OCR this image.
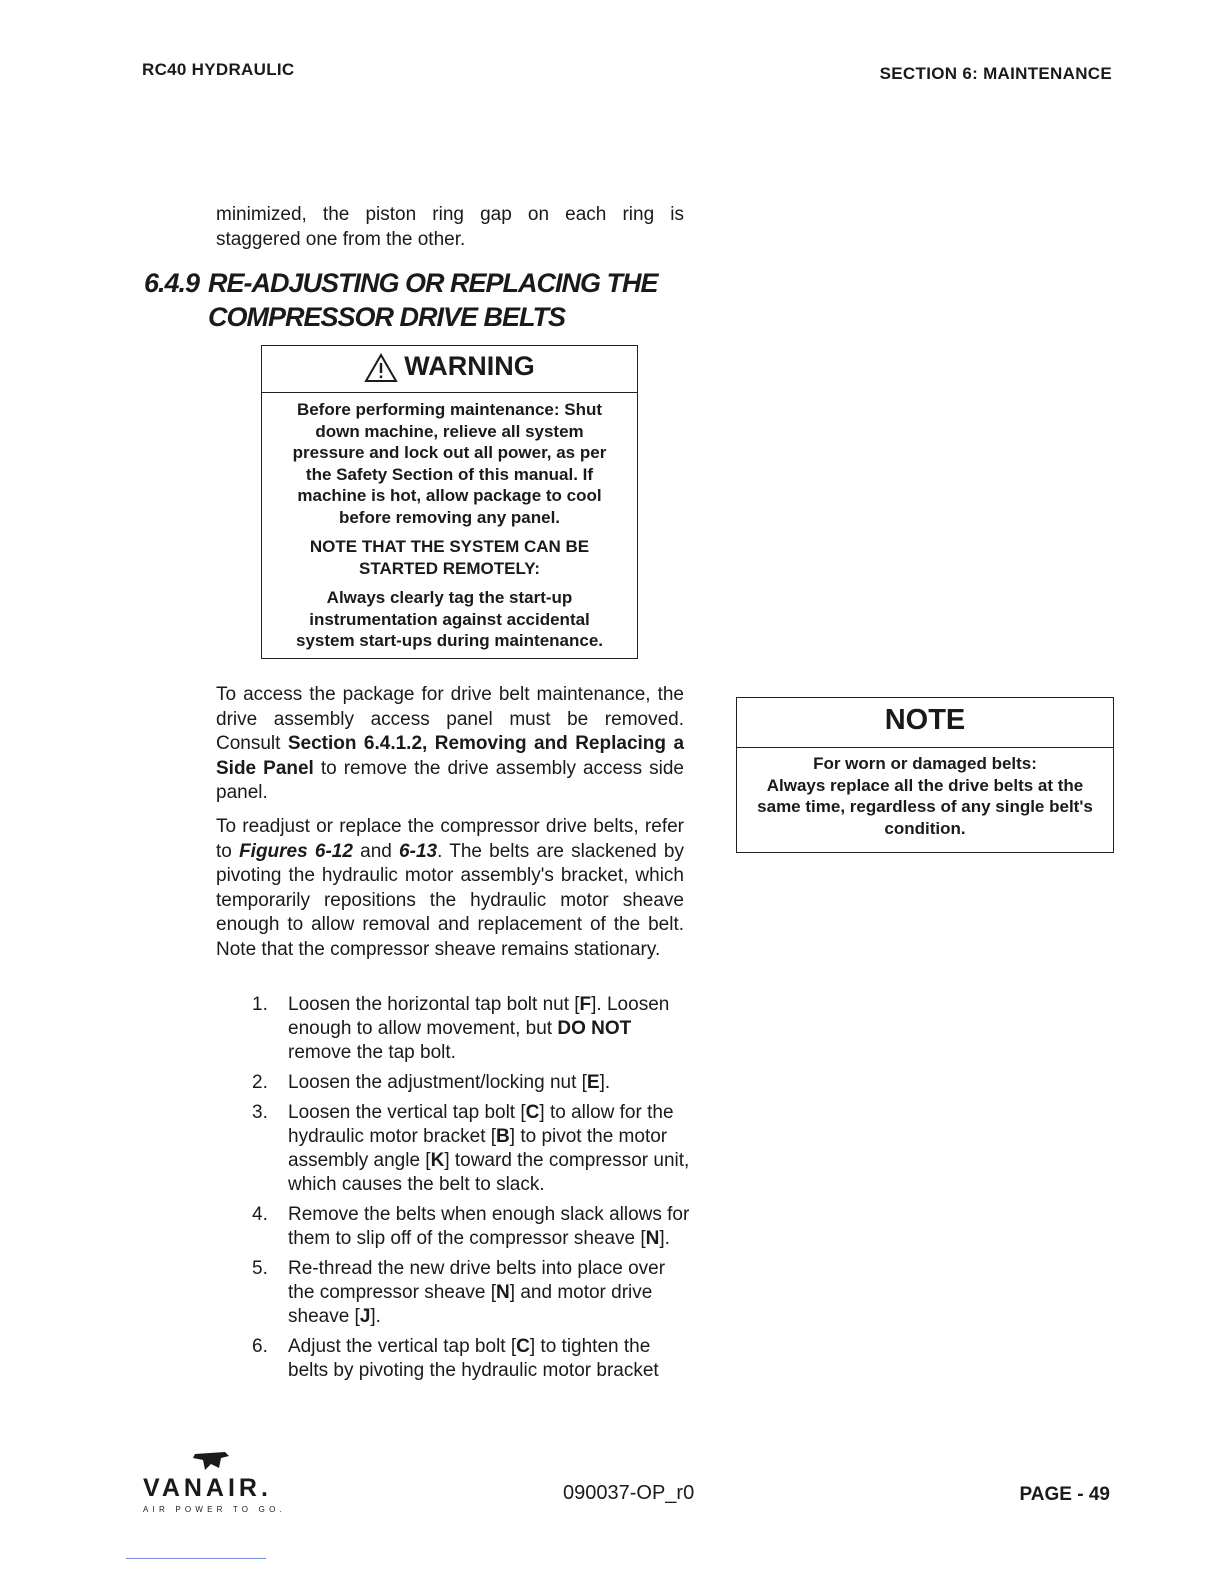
RC40 HYDRAULIC	SECTION 6: MAINTENANCE
minimized, the piston ring gap on each ring is staggered one from the other.
6.4.9 RE-ADJUSTING OR REPLACING THE
COMPRESSOR DRIVE BELTS
WARNING

Before performing maintenance: Shut down machine, relieve all system pressure and lock out all power, as per the Safety Section of this manual. If machine is hot, allow package to cool before removing any panel.

NOTE THAT THE SYSTEM CAN BE STARTED REMOTELY:

Always clearly tag the start-up instrumentation against accidental system start-ups during maintenance.

To access the package for drive belt maintenance, the drive assembly access panel must be removed. Consult Section 6.4.1.2, Removing and Replacing a Side Panel to remove the drive assembly access side panel.
To readjust or replace the compressor drive belts, refer to Figures 6-12 and 6-13. The belts are slackened by pivoting the hydraulic motor assembly's bracket, which temporarily repositions the hydraulic motor sheave enough to allow removal and replacement of the belt. Note that the compressor sheave remains stationary.
NOTE
For worn or damaged belts:
Always replace all the drive belts at the same time, regardless of any single belt's condition.
1. Loosen the horizontal tap bolt nut [F]. Loosen enough to allow movement, but DO NOT remove the tap bolt.
2. Loosen the adjustment/locking nut [E].
3. Loosen the vertical tap bolt [C] to allow for the hydraulic motor bracket [B] to pivot the motor assembly angle [K] toward the compressor unit, which causes the belt to slack.
4. Remove the belts when enough slack allows for them to slip off of the compressor sheave [N].
5. Re-thread the new drive belts into place over the compressor sheave [N] and motor drive sheave [J].
6. Adjust the vertical tap bolt [C] to tighten the belts by pivoting the hydraulic motor bracket
VANAIR.
AIR POWER TO GO.
090037-OP_r0	PAGE - 49
